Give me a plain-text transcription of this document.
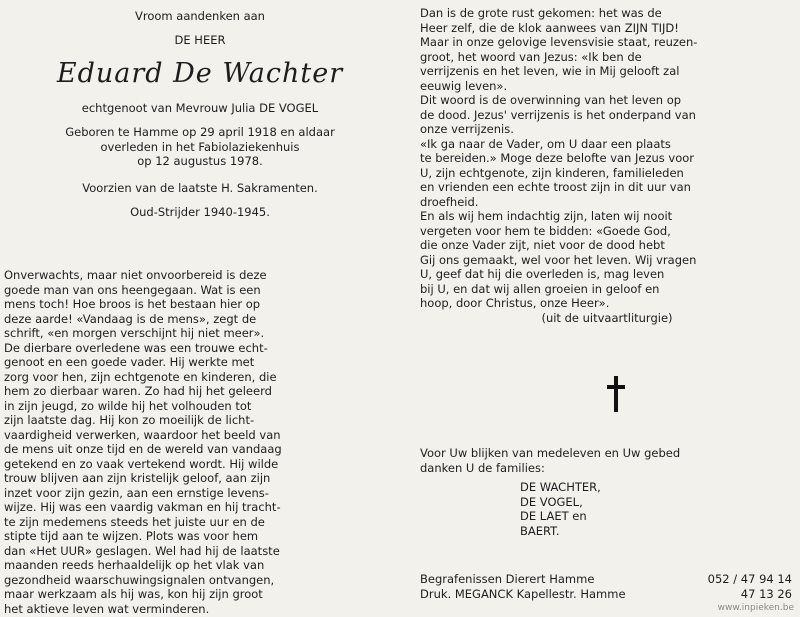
Vroom aandenken aan
DE HEER
Eduard De Wachter
echtgenoot van Mevrouw Julia DE VOGEL
Geboren te Hamme op 29 april 1918 en aldaar
overleden in het Fabiolaziekenhuis
op 12 augustus 1978.
Voorzien van de laatste H. Sakramenten.
Oud-Strijder 1940-1945.
Onverwachts, maar niet onvoorbereid is deze
goede man van ons heengegaan. Wat is een
mens toch! Hoe broos is het bestaan hier op
deze aarde! «Vandaag is de mens», zegt de
schrift, «en morgen verschijnt hij niet meer».
De dierbare overledene was een trouwe echt-
genoot en een goede vader. Hij werkte met
zorg voor hen, zijn echtgenote en kinderen, die
hem zo dierbaar waren. Zo had hij het geleerd
in zijn jeugd, zo wilde hij het volhouden tot
zijn laatste dag. Hij kon zo moeilijk de licht-
vaardigheid verwerken, waardoor het beeld van
de mens uit onze tijd en de wereld van vandaag
getekend en zo vaak vertekend wordt. Hij wilde
trouw blijven aan zijn kristelijk geloof, aan zijn
inzet voor zijn gezin, aan een ernstige levens-
wijze. Hij was een vaardig vakman en hij tracht-
te zijn medemens steeds het juiste uur en de
stipte tijd aan te wijzen. Plots was voor hem
dan «Het UUR» geslagen. Wel had hij de laatste
maanden reeds herhaaldelijk op het vlak van
gezondheid waarschuwingsignalen ontvangen,
maar werkzaam als hij was, kon hij zijn groot
het aktieve leven wat verminderen.
Dan is de grote rust gekomen: het was de
Heer zelf, die de klok aanwees van ZIJN TIJD!
Maar in onze gelovige levensvisie staat, reuzen-
groot, het woord van Jezus: «Ik ben de
verrijzenis en het leven, wie in Mij gelooft zal
eeuwig leven».
Dit woord is de overwinning van het leven op
de dood. Jezus' verrijzenis is het onderpand van
onze verrijzenis.
«Ik ga naar de Vader, om U daar een plaats
te bereiden.» Moge deze belofte van Jezus voor
U, zijn echtgenote, zijn kinderen, familieleden
en vrienden een echte troost zijn in dit uur van
droefheid.
En als wij hem indachtig zijn, laten wij nooit
vergeten voor hem te bidden: «Goede God,
die onze Vader zijt, niet voor de dood hebt
Gij ons gemaakt, wel voor het leven. Wij vragen
U, geef dat hij die overleden is, mag leven
bij U, en dat wij allen groeien in geloof en
hoop, door Christus, onze Heer».
(uit de uitvaartliturgie)
Voor Uw blijken van medeleven en Uw gebed
danken U de families:
DE WACHTER,
DE VOGEL,
DE LAET en
BAERT.
Begrafenissen Dierert Hamme	052 / 47 94 14
Druk. MEGANCK Kapellestr. Hamme	47 13 26
www.inpieken.be
